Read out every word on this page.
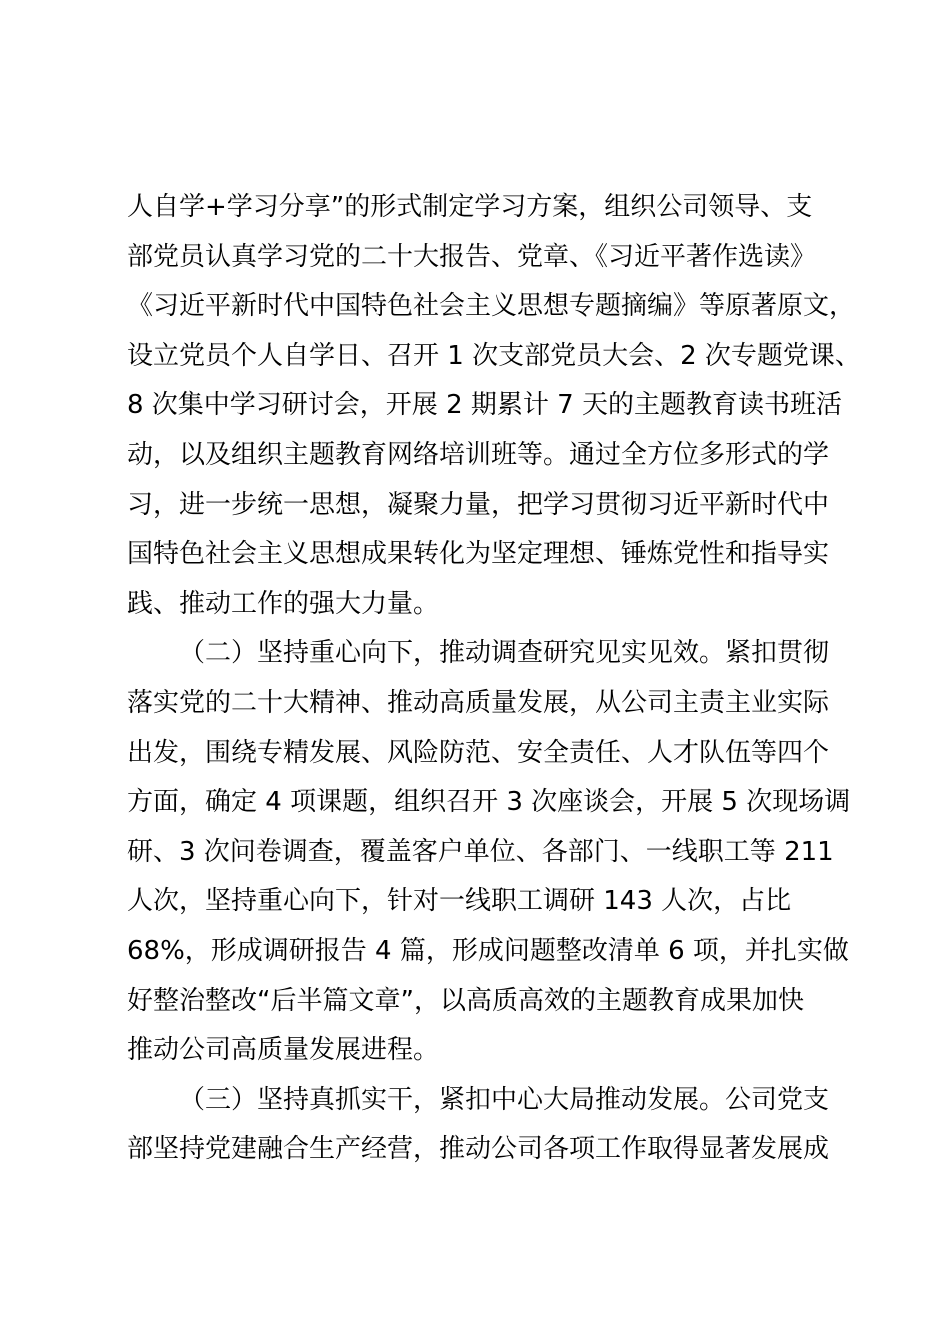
人自学+学习分享”的形式制定学习方案，组织公司领导、支
部党员认真学习党的二十大报告、党章、《习近平著作选读》
《习近平新时代中国特色社会主义思想专题摘编》等原著原文，
设立党员个人自学日、召开 1 次支部党员大会、2 次专题党课、
8 次集中学习研讨会，开展 2 期累计 7 天的主题教育读书班活
动，以及组织主题教育网络培训班等。通过全方位多形式的学
习，进一步统一思想，凝聚力量，把学习贯彻习近平新时代中
国特色社会主义思想成果转化为坚定理想、锤炼党性和指导实
践、推动工作的强大力量。
（二）坚持重心向下，推动调查研究见实见效。紧扣贯彻
落实党的二十大精神、推动高质量发展，从公司主责主业实际
出发，围绕专精发展、风险防范、安全责任、人才队伍等四个
方面，确定 4 项课题，组织召开 3 次座谈会，开展 5 次现场调
研、3 次问卷调查，覆盖客户单位、各部门、一线职工等 211
人次，坚持重心向下，针对一线职工调研 143 人次，占比
68%，形成调研报告 4 篇，形成问题整改清单 6 项，并扎实做
好整治整改“后半篇文章”，以高质高效的主题教育成果加快
推动公司高质量发展进程。
（三）坚持真抓实干，紧扣中心大局推动发展。公司党支
部坚持党建融合生产经营，推动公司各项工作取得显著发展成
